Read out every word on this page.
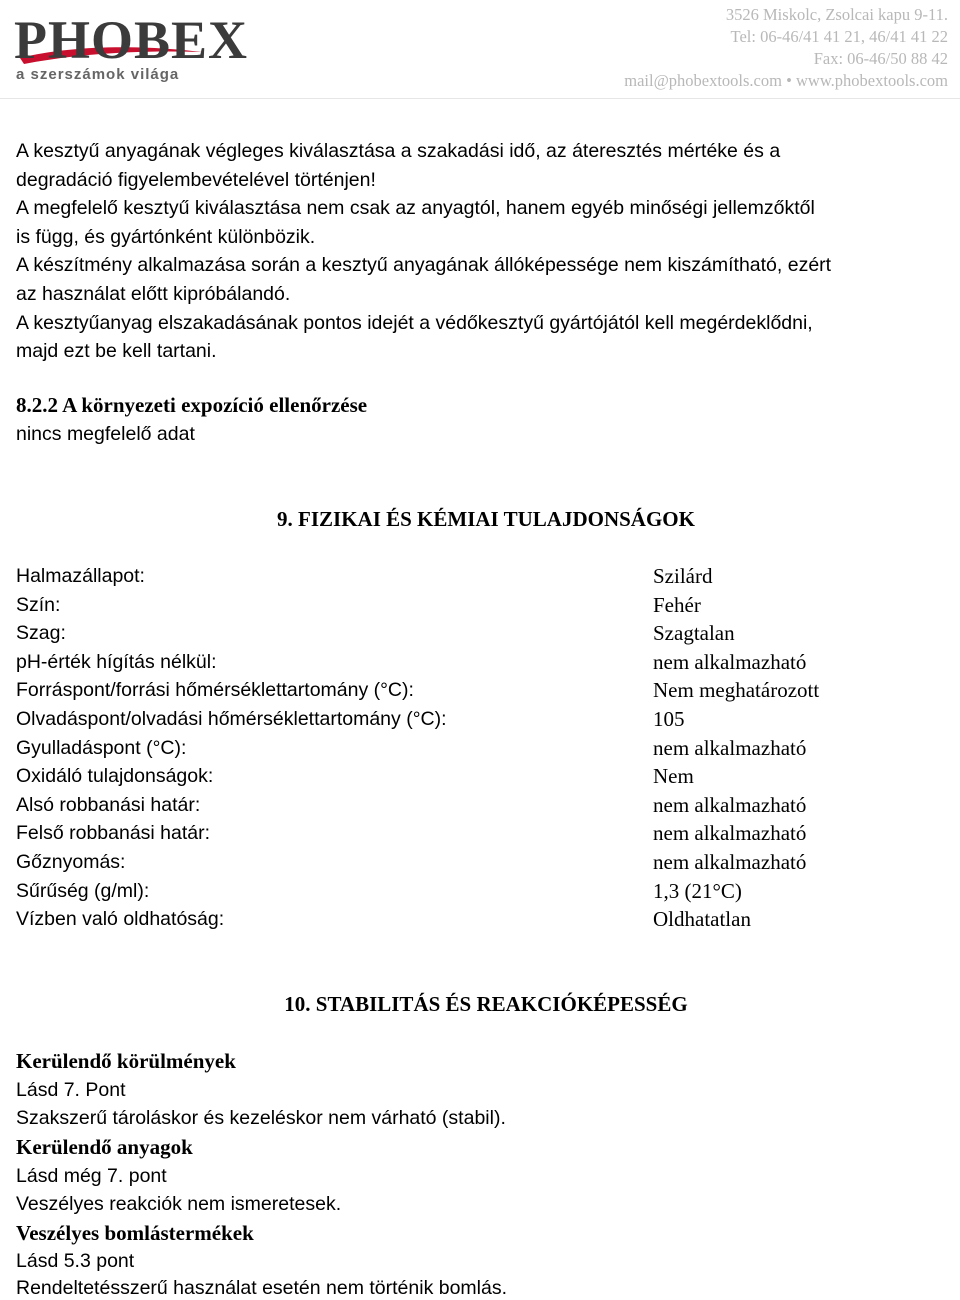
PHOBEX
a szerszámok világa
3526 Miskolc, Zsolcai kapu 9-11.
Tel: 06-46/41 41 21, 46/41 41 22
Fax: 06-46/50 88 42
mail@phobextools.com • www.phobextools.com
A kesztyű anyagának végleges kiválasztása a szakadási idő, az áteresztés mértéke és a
degradáció figyelembevételével történjen!
A megfelelő kesztyű kiválasztása nem csak az anyagtól, hanem egyéb minőségi jellemzőktől
is függ, és gyártónként különbözik.
A készítmény alkalmazása során a kesztyű anyagának állóképessége nem kiszámítható, ezért
az használat előtt kipróbálandó.
A kesztyűanyag elszakadásának pontos idejét a védőkesztyű gyártójától kell megérdeklődni,
majd ezt be kell tartani.
8.2.2 A környezeti expozíció ellenőrzése
nincs megfelelő adat
9. FIZIKAI ÉS KÉMIAI TULAJDONSÁGOK
Halmazállapot:	Szilárd
Szín:	Fehér
Szag:	Szagtalan
pH-érték hígítás nélkül:	nem alkalmazható
Forráspont/forrási hőmérséklettartomány (°C):	Nem meghatározott
Olvadáspont/olvadási hőmérséklettartomány (°C):	105
Gyulladáspont (°C):	nem alkalmazható
Oxidáló tulajdonságok:	Nem
Alsó robbanási határ:	nem alkalmazható
Felső robbanási határ:	nem alkalmazható
Gőznyomás:	nem alkalmazható
Sűrűség (g/ml):	1,3 (21°C)
Vízben való oldhatóság:	Oldhatatlan
10. STABILITÁS ÉS REAKCIÓKÉPESSÉG
Kerülendő körülmények
Lásd 7. Pont
Szakszerű tároláskor és kezeléskor nem várható (stabil).
Kerülendő anyagok
Lásd még 7. pont
Veszélyes reakciók nem ismeretesek.
Veszélyes bomlástermékek
Lásd 5.3 pont
Rendeltetésszerű használat esetén nem történik bomlás.
